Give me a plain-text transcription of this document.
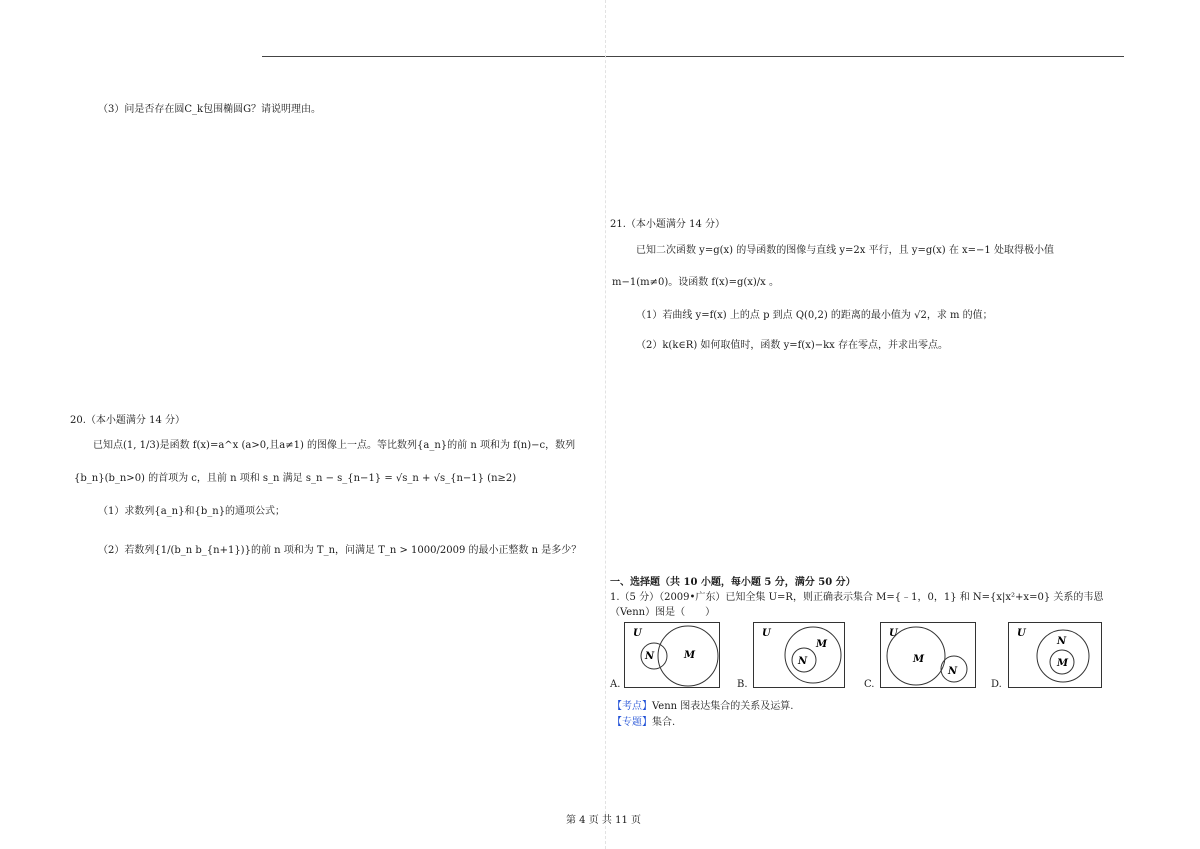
（3）问是否存在圆C_k包围椭圆G？请说明理由。
20.（本小题满分 14 分）
已知点(1, 1/3)是函数 f(x)=a^x (a>0,且a≠1) 的图像上一点。等比数列{a_n}的前 n 项和为 f(n)−c，数列
{b_n}(b_n>0) 的首项为 c，且前 n 项和 s_n 满足 s_n − s_{n−1} = √s_n + √s_{n−1} (n≥2)
（1）求数列{a_n}和{b_n}的通项公式；
（2）若数列{1/(b_n b_{n+1})}的前 n 项和为 T_n，问满足 T_n > 1000/2009 的最小正整数 n 是多少？
21.（本小题满分 14 分）
已知二次函数 y=g(x) 的导函数的图像与直线 y=2x 平行，且 y=g(x) 在 x=−1 处取得极小值
m−1(m≠0)。设函数 f(x)=g(x)/x 。
（1）若曲线 y=f(x) 上的点 p 到点 Q(0,2) 的距离的最小值为 √2，求 m 的值；
（2）k(k∈R) 如何取值时，函数 y=f(x)−kx 存在零点，并求出零点。
一、选择题（共 10 小题，每小题 5 分，满分 50 分）
1.（5 分）（2009•广东）已知全集 U=R，则正确表示集合 M={﹣1，0，1} 和 N={x|x²+x=0} 关系的韦恩
（Venn）图是（　　）
A.
U
M
N
B.
U
M
N
C.
U
M
N
D.
U
N
M
【考点】Venn 图表达集合的关系及运算.
【专题】集合.
第 4 页 共 11 页
